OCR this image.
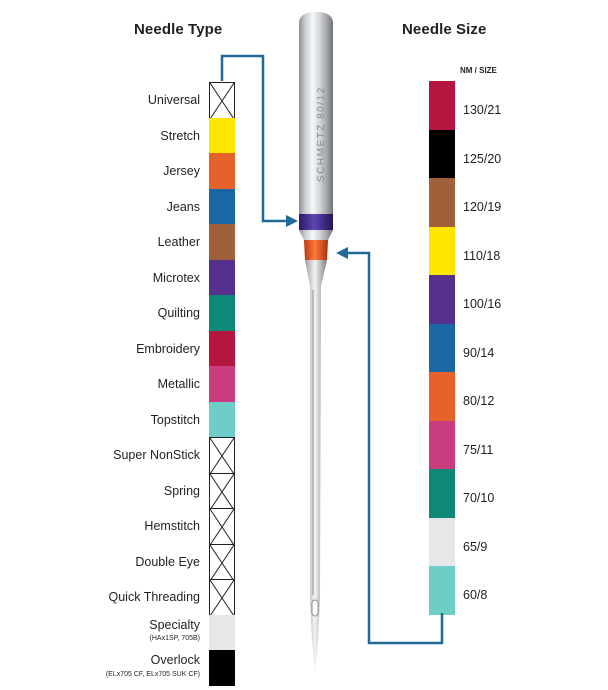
Needle Type	Needle Size
NM / SIZE
Universal
Stretch
Jersey
Jeans
Leather
Microtex
Quilting
Embroidery
Metallic
Topstitch
Super NonStick
Spring
Hemstitch
Double Eye
Quick Threading
Specialty
(HAx1SP, 705B)
Overlock
(ELx705 CF, ELx705 SUK CF)
130/21
125/20
120/19
110/18
100/16
90/14
80/12
75/11
70/10
65/9
60/8
SCHMETZ 80/12
